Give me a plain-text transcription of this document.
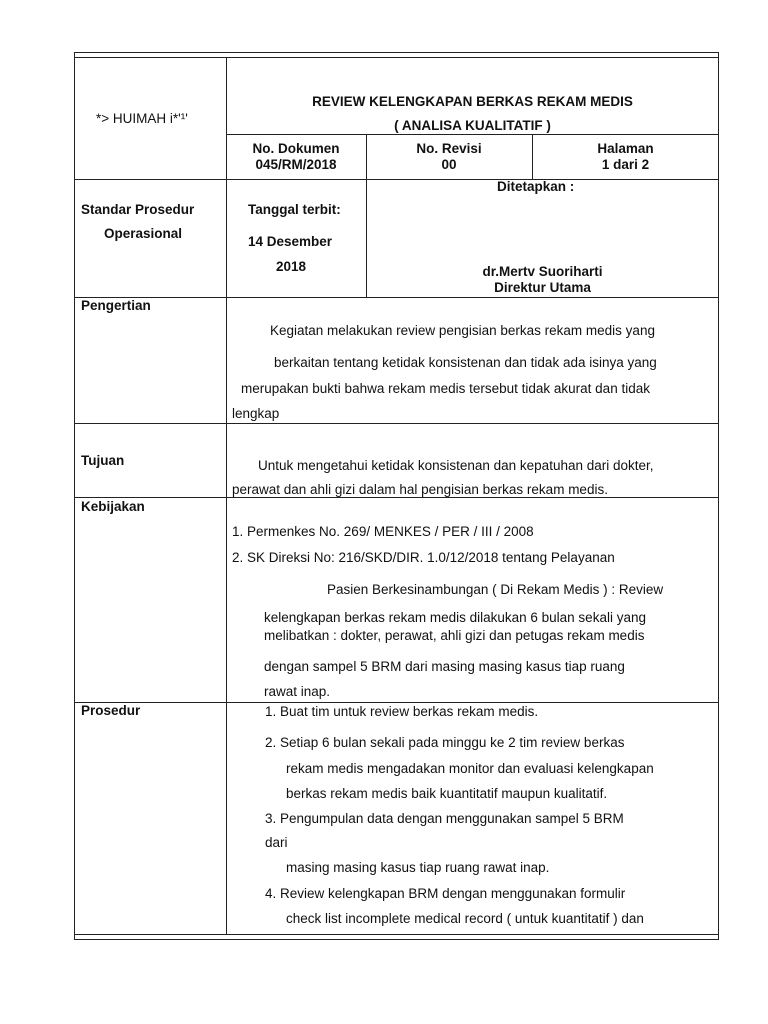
*> HUIMAH i*'¹'
REVIEW KELENGKAPAN BERKAS REKAM MEDIS
( ANALISA KUALITATIF )
No. Dokumen
045/RM/2018
No. Revisi
00
Halaman
1 dari 2
Standar Prosedur
Operasional
Tanggal terbit:
14 Desember
2018
Ditetapkan :
dr.Mertv Suoriharti
Direktur Utama
Pengertian
Kegiatan melakukan review pengisian berkas rekam medis yang
berkaitan tentang ketidak konsistenan dan tidak ada isinya yang
merupakan bukti bahwa rekam medis tersebut tidak akurat dan tidak
lengkap
Tujuan	Untuk mengetahui ketidak konsistenan dan kepatuhan dari dokter,
perawat dan ahli gizi dalam hal pengisian berkas rekam medis.
Kebijakan
1. Permenkes No. 269/ MENKES / PER / III / 2008
2. SK Direksi No: 216/SKD/DIR. 1.0/12/2018 tentang Pelayanan
Pasien Berkesinambungan ( Di Rekam Medis ) : Review
kelengkapan berkas rekam medis dilakukan 6 bulan sekali yang
melibatkan : dokter, perawat, ahli gizi dan petugas rekam medis
dengan sampel 5 BRM dari masing masing kasus tiap ruang
rawat inap.
Prosedur	1. Buat tim untuk review berkas rekam medis.
2. Setiap 6 bulan sekali pada minggu ke 2 tim review berkas
rekam medis mengadakan monitor dan evaluasi kelengkapan
berkas rekam medis baik kuantitatif maupun kualitatif.
3. Pengumpulan data dengan menggunakan sampel 5 BRM
dari
masing masing kasus tiap ruang rawat inap.
4. Review kelengkapan BRM dengan menggunakan formulir
check list incomplete medical record ( untuk kuantitatif ) dan
